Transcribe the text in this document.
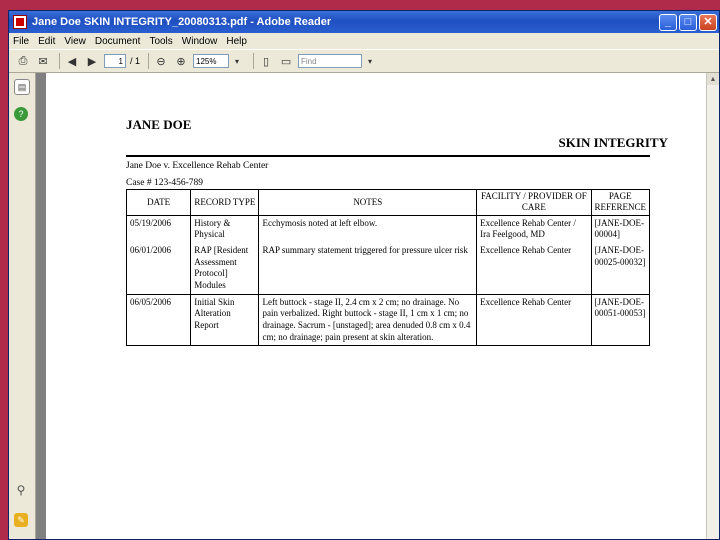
Jane Doe SKIN INTEGRITY_20080313.pdf - Adobe Reader	_	□	✕
File Edit View Document Tools Window Help
⎙ ✉	◀	▶	1 / 1	⊖ ⊕	125%	▾	▯	▭	Find	▾
▤
?
⚲
✎
JANE DOE
SKIN INTEGRITY
Jane Doe v. Excellence Rehab Center
Case # 123-456-789
DATE	RECORD TYPE	NOTES	FACILITY / PROVIDER OF CARE	PAGE REFERENCE
05/19/2006	History & Physical	Ecchymosis noted at left elbow.	Excellence Rehab Center / Ira Feelgood, MD	[JANE-DOE-00004]
06/01/2006	RAP [Resident Assessment Protocol] Modules	RAP summary statement triggered for pressure ulcer risk	Excellence Rehab Center	[JANE-DOE-00025-00032]
06/05/2006	Initial Skin Alteration Report	Left buttock - stage II, 2.4 cm x 2 cm; no drainage. No pain verbalized. Right buttock - stage II, 1 cm x 1 cm; no drainage. Sacrum - [unstaged]; area denuded 0.8 cm x 0.4 cm; no drainage; pain present at skin alteration.	Excellence Rehab Center	[JANE-DOE-00051-00053]
▲
